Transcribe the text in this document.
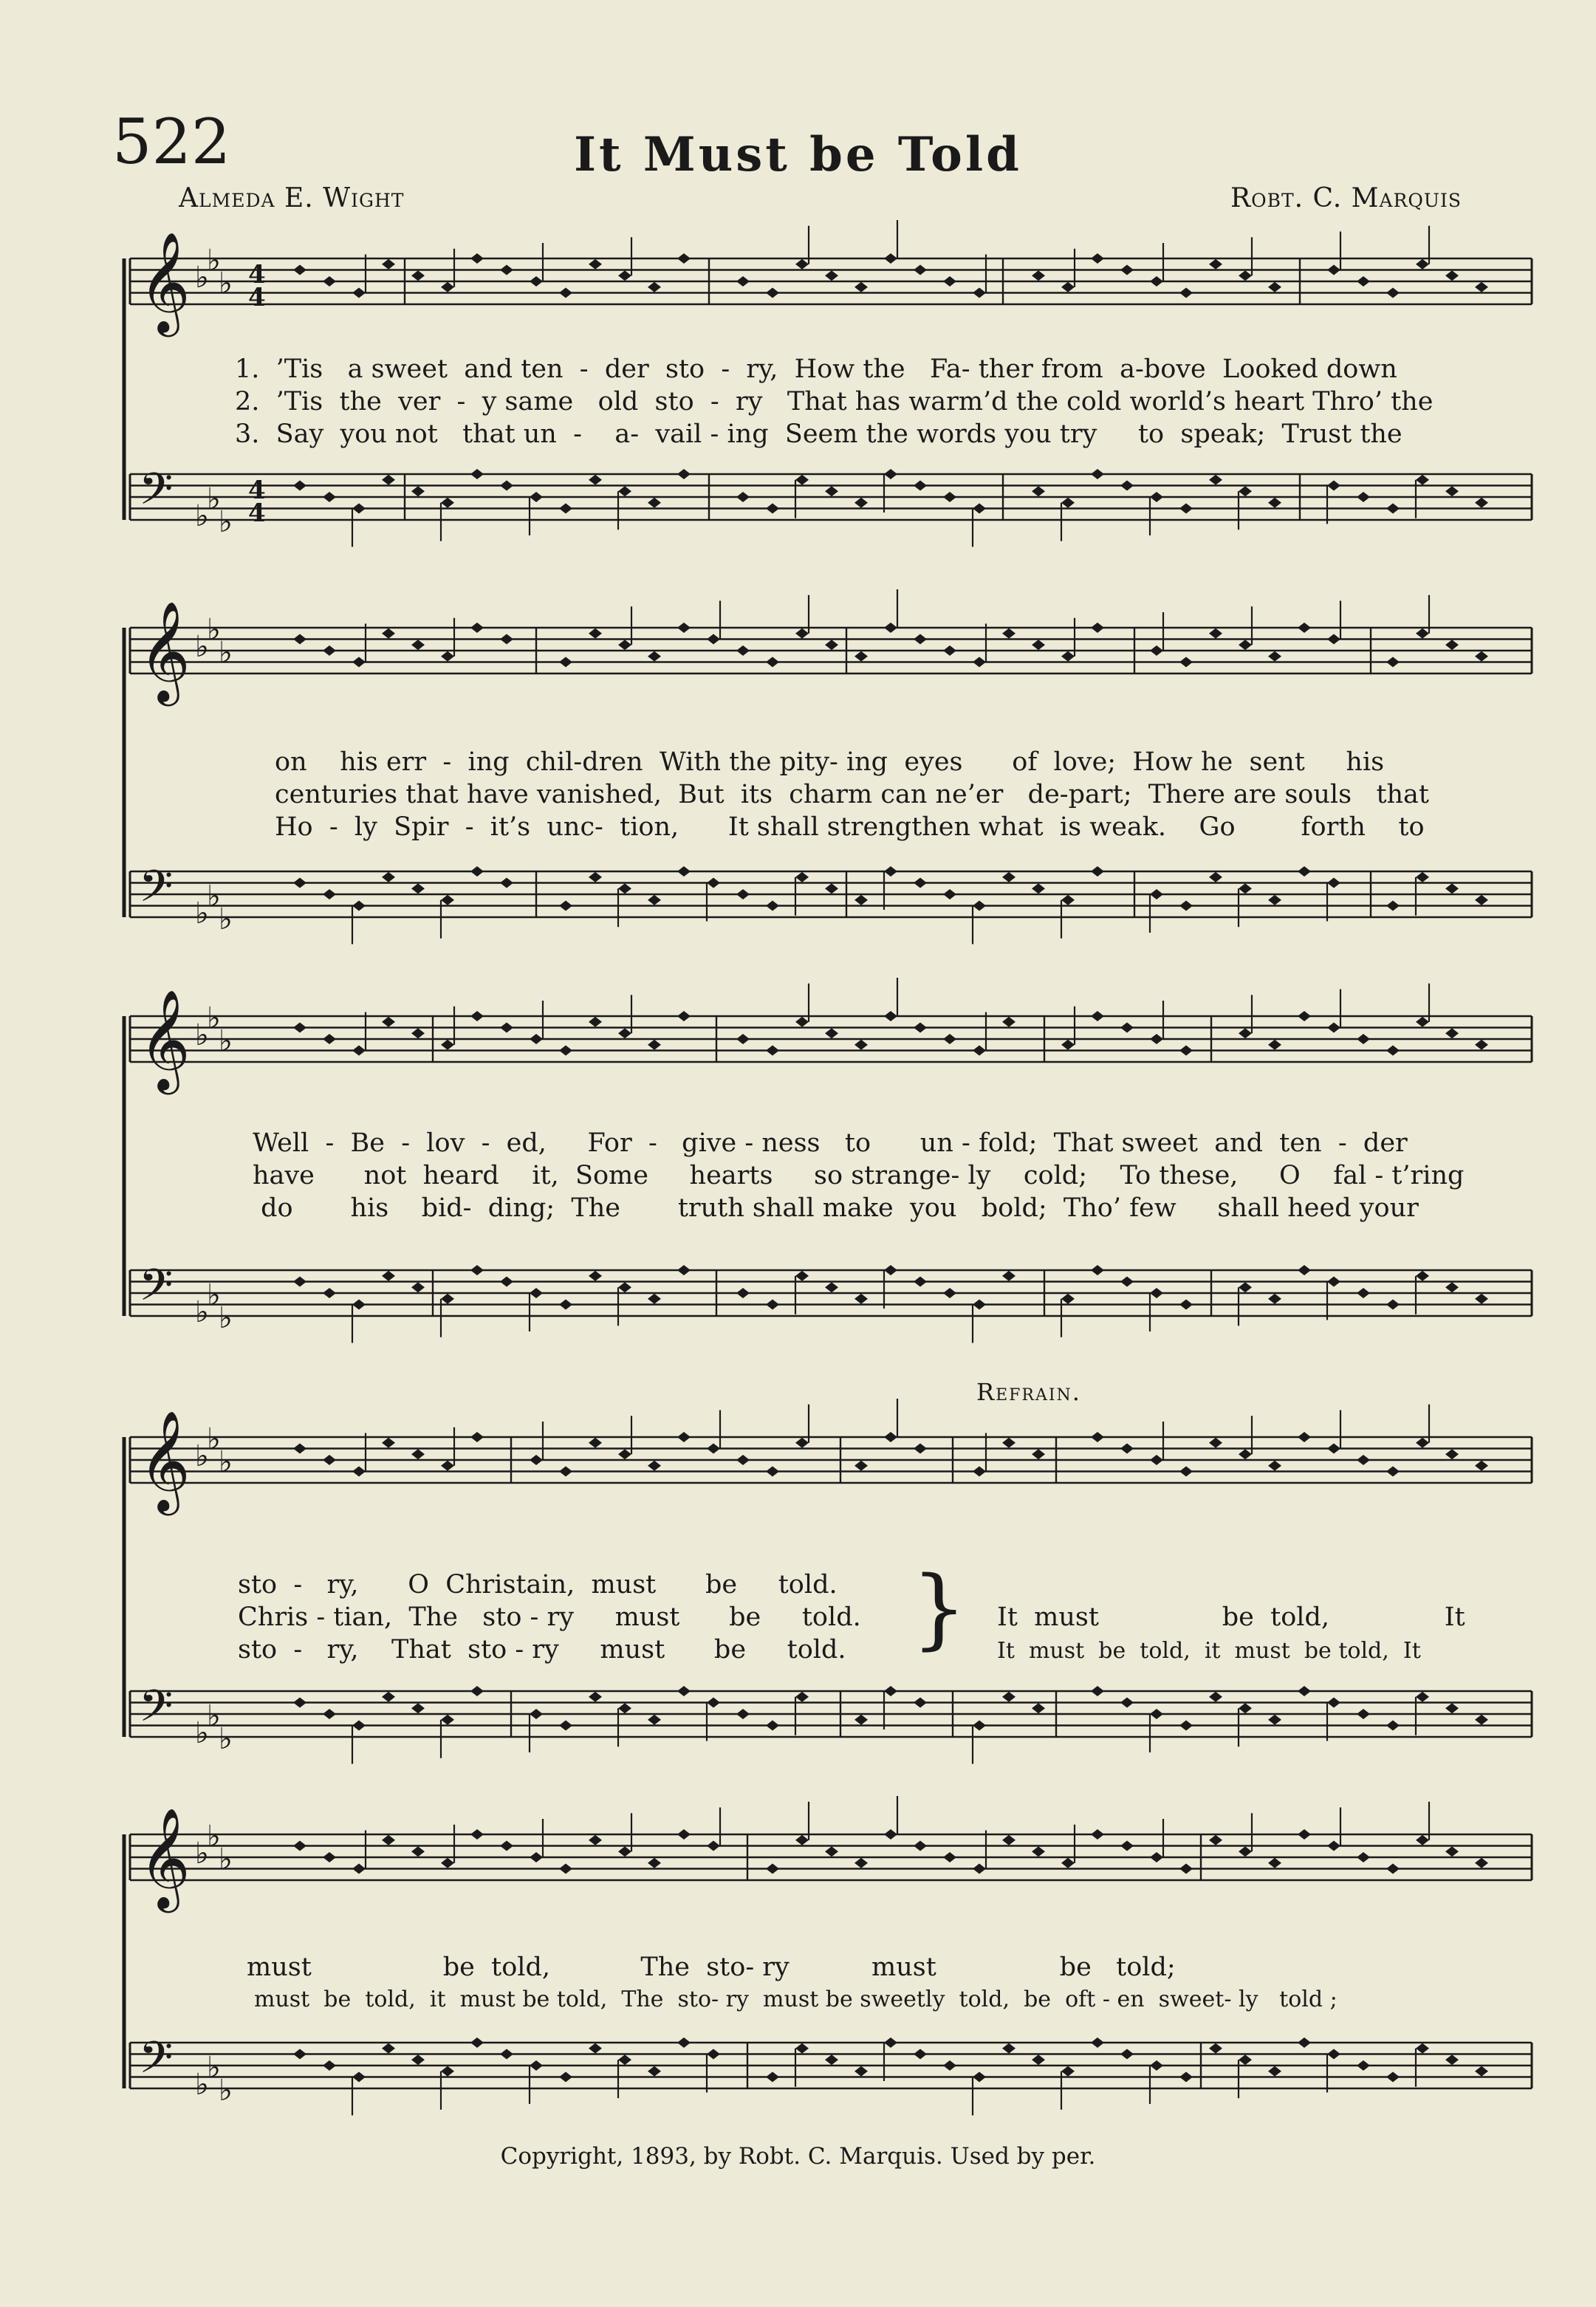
522	It Must be Told
Almeda E. Wight	Robt. C. Marquis
𝄞 ♭
♭
♭ 4
4
𝄢 ♭
♭
♭
4
4
𝄞 ♭
♭
♭
𝄢 ♭
♭
♭
𝄞 ♭
♭
♭
𝄢 ♭
♭
♭
𝄞 ♭
♭
♭
𝄢 ♭
♭
♭
𝄞 ♭
♭
♭
𝄢 ♭
♭
♭
1.  ’Tis   a sweet  and ten  -  der  sto  -  ry,  How the   Fa- ther from  a-bove  Looked down
2.  ’Tis  the  ver  -  y same   old  sto  -  ry   That has warm’d the cold world’s heart Thro’ the
3.  Say  you not   that un  -    a-  vail - ing  Seem the words you try     to  speak;  Trust the
on    his err  -  ing  chil-dren  With the pity- ing  eyes      of  love;  How he  sent     his
centuries that have vanished,  But  its  charm can ne’er   de-part;  There are souls   that
Ho  -  ly  Spir  -  it’s  unc-  tion,      It shall strengthen what  is weak.    Go        forth    to
Well  -  Be  -  lov  -  ed,     For  -   give - ness   to      un - fold;  That sweet  and  ten  -  der
have      not  heard    it,  Some     hearts     so strange- ly    cold;    To these,     O    fal - t’ring
do       his    bid-  ding;  The       truth shall make  you   bold;  Tho’ few     shall heed your
Refrain.
sto  -   ry,      O  Christain,  must      be     told.
Chris - tian,  The   sto - ry     must      be     told.
sto  -   ry,    That  sto - ry     must      be     told. } It  must               be  told,              It
It  must  be  told,  it  must  be told,  It
must                be  told,           The  sto- ry          must               be   told;
must  be  told,  it  must be told,  The  sto- ry  must be sweetly  told,  be  oft - en  sweet- ly   told ;
Copyright, 1893, by Robt. C. Marquis. Used by per.
